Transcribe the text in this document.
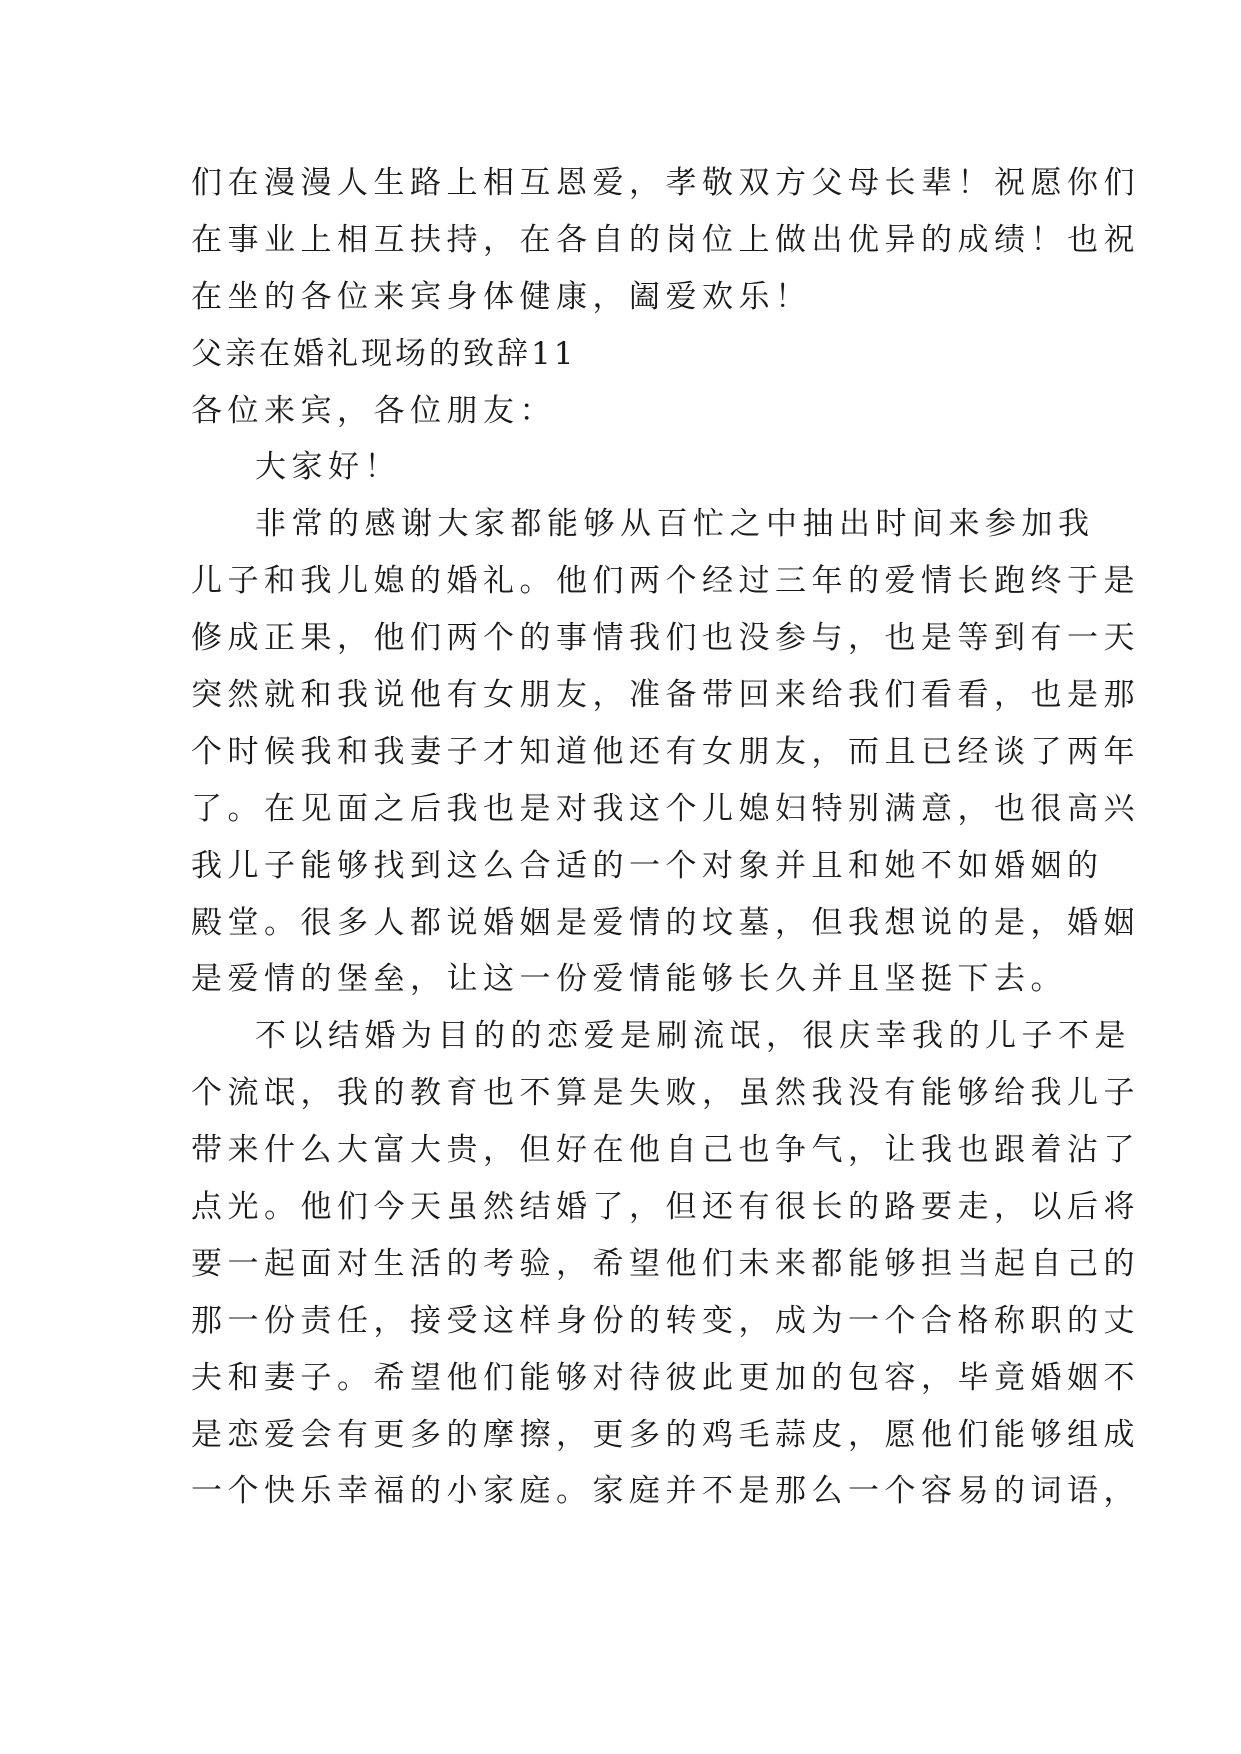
们在漫漫人生路上相互恩爱，孝敬双方父母长辈！祝愿你们
在事业上相互扶持，在各自的岗位上做出优异的成绩！也祝
在坐的各位来宾身体健康，阖爱欢乐！
父亲在婚礼现场的致辞11
各位来宾，各位朋友：
大家好！
非常的感谢大家都能够从百忙之中抽出时间来参加我
儿子和我儿媳的婚礼。他们两个经过三年的爱情长跑终于是
修成正果，他们两个的事情我们也没参与，也是等到有一天
突然就和我说他有女朋友，准备带回来给我们看看，也是那
个时候我和我妻子才知道他还有女朋友，而且已经谈了两年
了。在见面之后我也是对我这个儿媳妇特别满意，也很高兴
我儿子能够找到这么合适的一个对象并且和她不如婚姻的
殿堂。很多人都说婚姻是爱情的坟墓，但我想说的是，婚姻
是爱情的堡垒，让这一份爱情能够长久并且坚挺下去。
不以结婚为目的的恋爱是刷流氓，很庆幸我的儿子不是
个流氓，我的教育也不算是失败，虽然我没有能够给我儿子
带来什么大富大贵，但好在他自己也争气，让我也跟着沾了
点光。他们今天虽然结婚了，但还有很长的路要走，以后将
要一起面对生活的考验，希望他们未来都能够担当起自己的
那一份责任，接受这样身份的转变，成为一个合格称职的丈
夫和妻子。希望他们能够对待彼此更加的包容，毕竟婚姻不
是恋爱会有更多的摩擦，更多的鸡毛蒜皮，愿他们能够组成
一个快乐幸福的小家庭。家庭并不是那么一个容易的词语，
